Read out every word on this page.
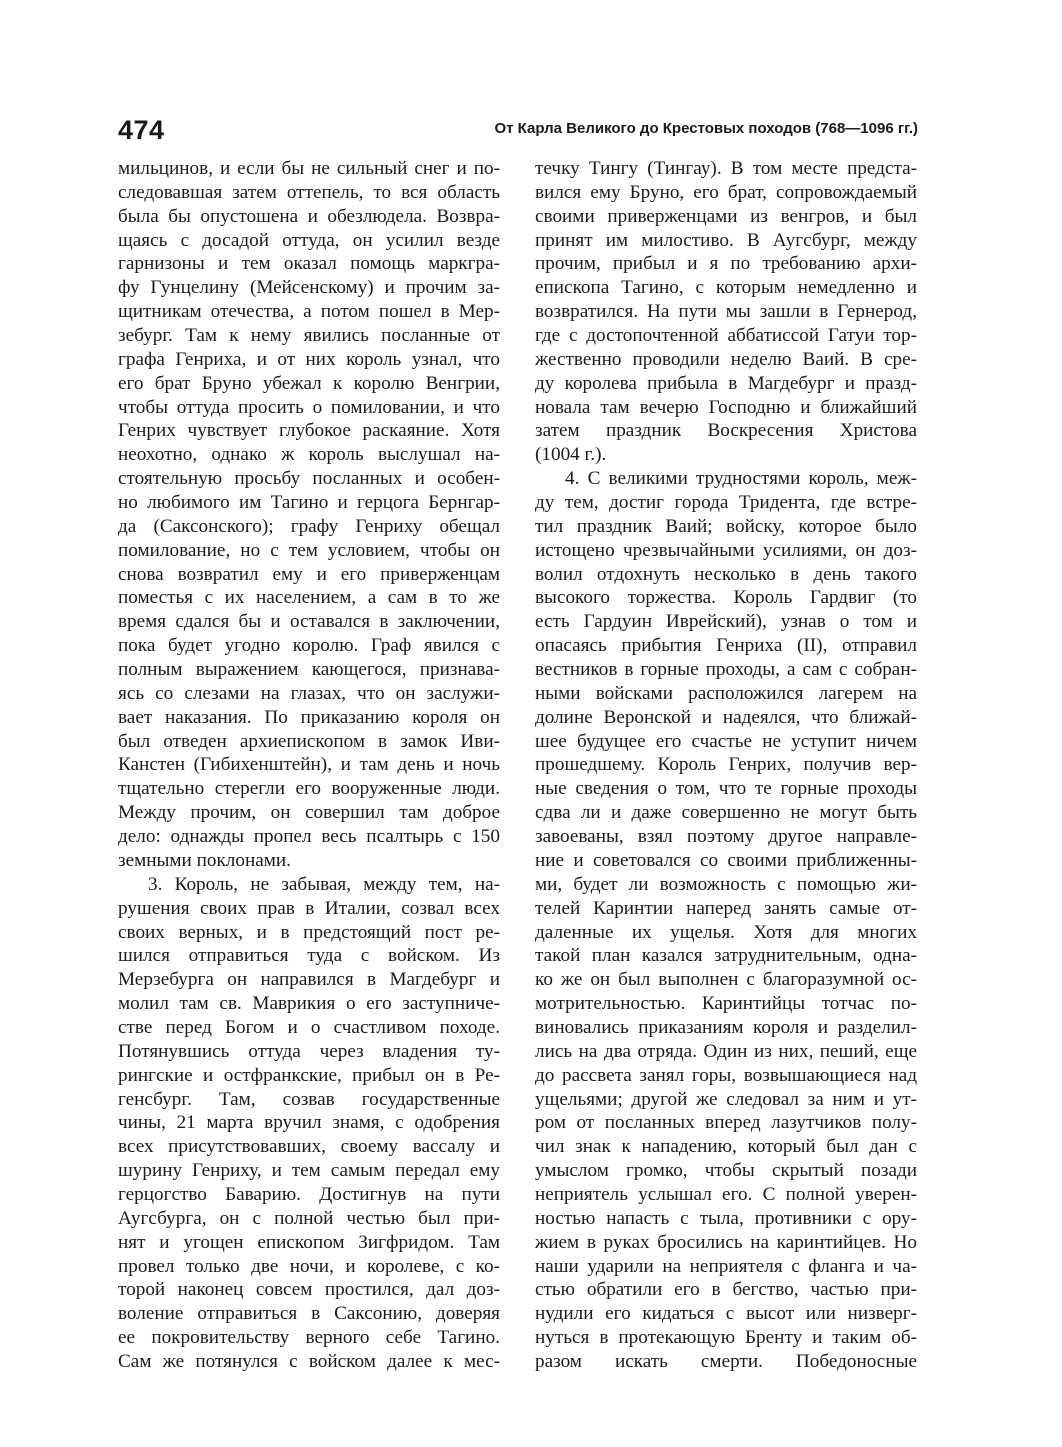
474	От Карла Великого до Крестовых походов (768—1096 гг.)
мильцинов, и если бы не сильный снег и по-
следовавшая затем оттепель, то вся область
была бы опустошена и обезлюдела. Возвра-
щаясь с досадой оттуда, он усилил везде
гарнизоны и тем оказал помощь маркгра-
фу Гунцелину (Мейсенскому) и прочим за-
щитникам отечества, а потом пошел в Мер-
зебург. Там к нему явились посланные от
графа Генриха, и от них король узнал, что
его брат Бруно убежал к королю Венгрии,
чтобы оттуда просить о помиловании, и что
Генрих чувствует глубокое раскаяние. Хотя
неохотно, однако ж король выслушал на-
стоятельную просьбу посланных и особен-
но любимого им Тагино и герцога Бернгар-
да (Саксонского); графу Генриху обещал
помилование, но с тем условием, чтобы он
снова возвратил ему и его приверженцам
поместья с их населением, а сам в то же
время сдался бы и оставался в заключении,
пока будет угодно королю. Граф явился с
полным выражением кающегося, признава-
ясь со слезами на глазах, что он заслужи-
вает наказания. По приказанию короля он
был отведен архиепископом в замок Иви-
Канстен (Гибихенштейн), и там день и ночь
тщательно стерегли его вооруженные люди.
Между прочим, он совершил там доброе
дело: однажды пропел весь псалтырь с 150
земными поклонами.
3. Король, не забывая, между тем, на-
рушения своих прав в Италии, созвал всех
своих верных, и в предстоящий пост ре-
шился отправиться туда с войском. Из
Мерзебурга он направился в Магдебург и
молил там св. Маврикия о его заступниче-
стве перед Богом и о счастливом походе.
Потянувшись оттуда через владения ту-
рингские и остфранкские, прибыл он в Ре-
генсбург. Там, созвав государственные
чины, 21 марта вручил знамя, с одобрения
всех присутствовавших, своему вассалу и
шурину Генриху, и тем самым передал ему
герцогство Баварию. Достигнув на пути
Аугсбурга, он с полной честью был при-
нят и угощен епископом Зигфридом. Там
провел только две ночи, и королеве, с ко-
торой наконец совсем простился, дал доз-
воление отправиться в Саксонию, доверяя
ее покровительству верного себе Тагино.
Сам же потянулся с войском далее к мес-
течку Тингу (Тингау). В том месте предста-
вился ему Бруно, его брат, сопровождаемый
своими приверженцами из венгров, и был
принят им милостиво. В Аугсбург, между
прочим, прибыл и я по требованию архи-
епископа Тагино, с которым немедленно и
возвратился. На пути мы зашли в Гернерод,
где с достопочтенной аббатиссой Гатуи тор-
жественно проводили неделю Ваий. В сре-
ду королева прибыла в Магдебург и празд-
новала там вечерю Господню и ближайший
затем праздник Воскресения Христова
(1004 г.).
4. С великими трудностями король, меж-
ду тем, достиг города Тридента, где встре-
тил праздник Ваий; войску, которое было
истощено чрезвычайными усилиями, он доз-
волил отдохнуть несколько в день такого
высокого торжества. Король Гардвиг (то
есть Гардуин Иврейский), узнав о том и
опасаясь прибытия Генриха (II), отправил
вестников в горные проходы, а сам с собран-
ными войсками расположился лагерем на
долине Веронской и надеялся, что ближай-
шее будущее его счастье не уступит ничем
прошедшему. Король Генрих, получив вер-
ные сведения о том, что те горные проходы
сдва ли и даже совершенно не могут быть
завоеваны, взял поэтому другое направле-
ние и советовался со своими приближенны-
ми, будет ли возможность с помощью жи-
телей Каринтии наперед занять самые от-
даленные их ущелья. Хотя для многих
такой план казался затруднительным, одна-
ко же он был выполнен с благоразумной ос-
мотрительностью. Каринтийцы тотчас по-
виновались приказаниям короля и разделил-
лись на два отряда. Один из них, пеший, еще
до рассвета занял горы, возвышающиеся над
ущельями; другой же следовал за ним и ут-
ром от посланных вперед лазутчиков полу-
чил знак к нападению, который был дан с
умыслом громко, чтобы скрытый позади
неприятель услышал его. С полной уверен-
ностью напасть с тыла, противники с ору-
жием в руках бросились на каринтийцев. Но
наши ударили на неприятеля с фланга и ча-
стью обратили его в бегство, частью при-
нудили его кидаться с высот или низверг-
нуться в протекающую Бренту и таким об-
разом искать смерти. Победоносные
